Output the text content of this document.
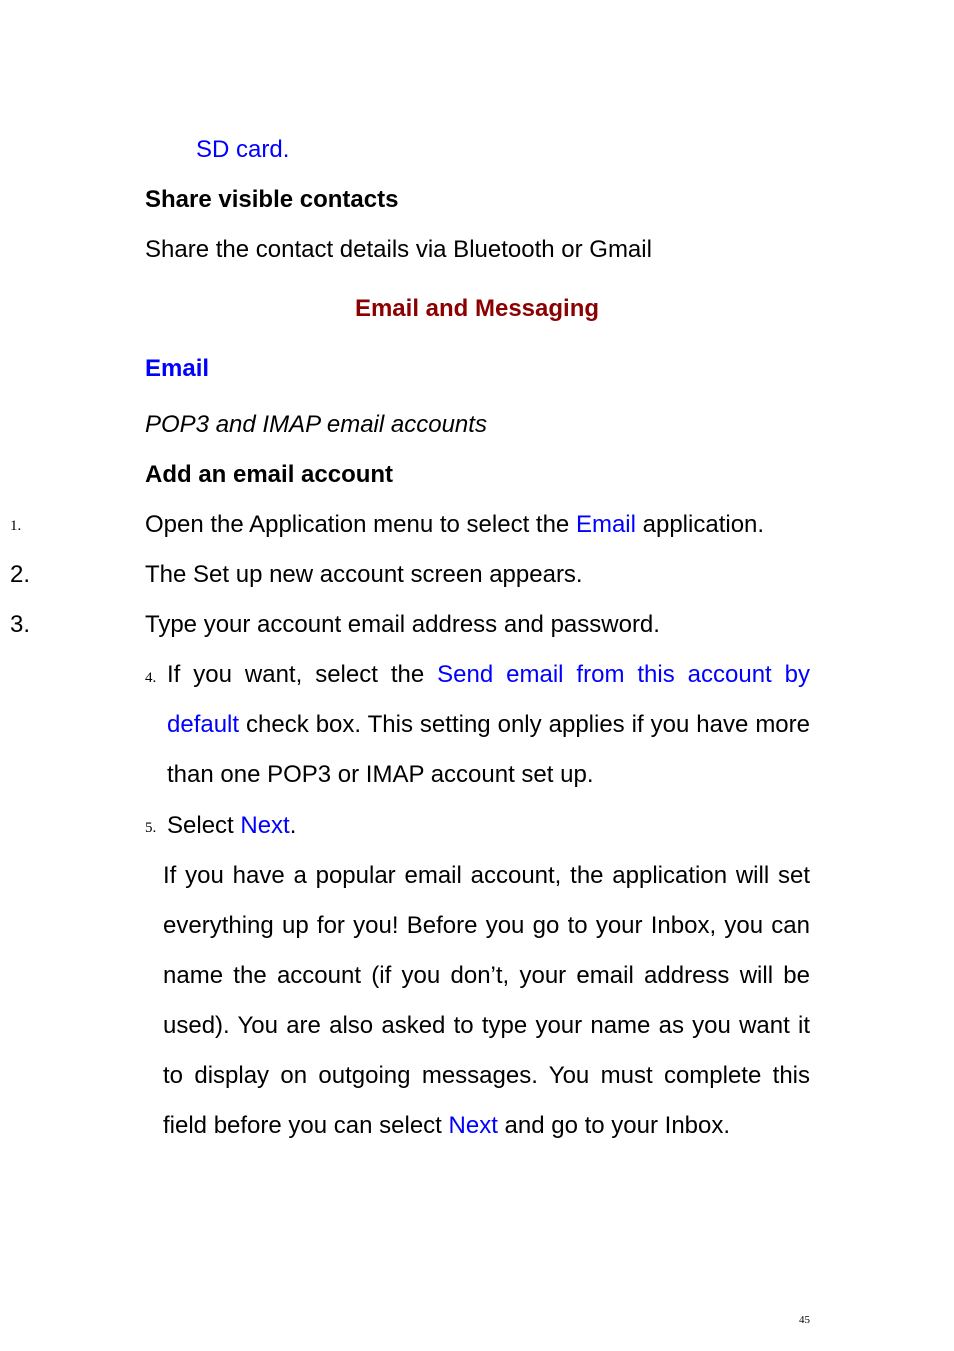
SD card.
Share visible contacts
Share the contact details via Bluetooth or Gmail
Email and Messaging
Email
POP3 and IMAP email accounts
Add an email account
1.	Open the Application menu to select the Email application.
2.	The Set up new account screen appears.
3.	Type your account email address and password.
4. If you want, select the Send email from this account by default check box. This setting only applies if you have more than one POP3 or IMAP account set up.
5. Select Next.
If you have a popular email account, the application will set everything up for you! Before you go to your Inbox, you can name the account (if you don’t, your email address will be used). You are also asked to type your name as you want it to display on outgoing messages. You must complete this field before you can select Next and go to your Inbox.
45
